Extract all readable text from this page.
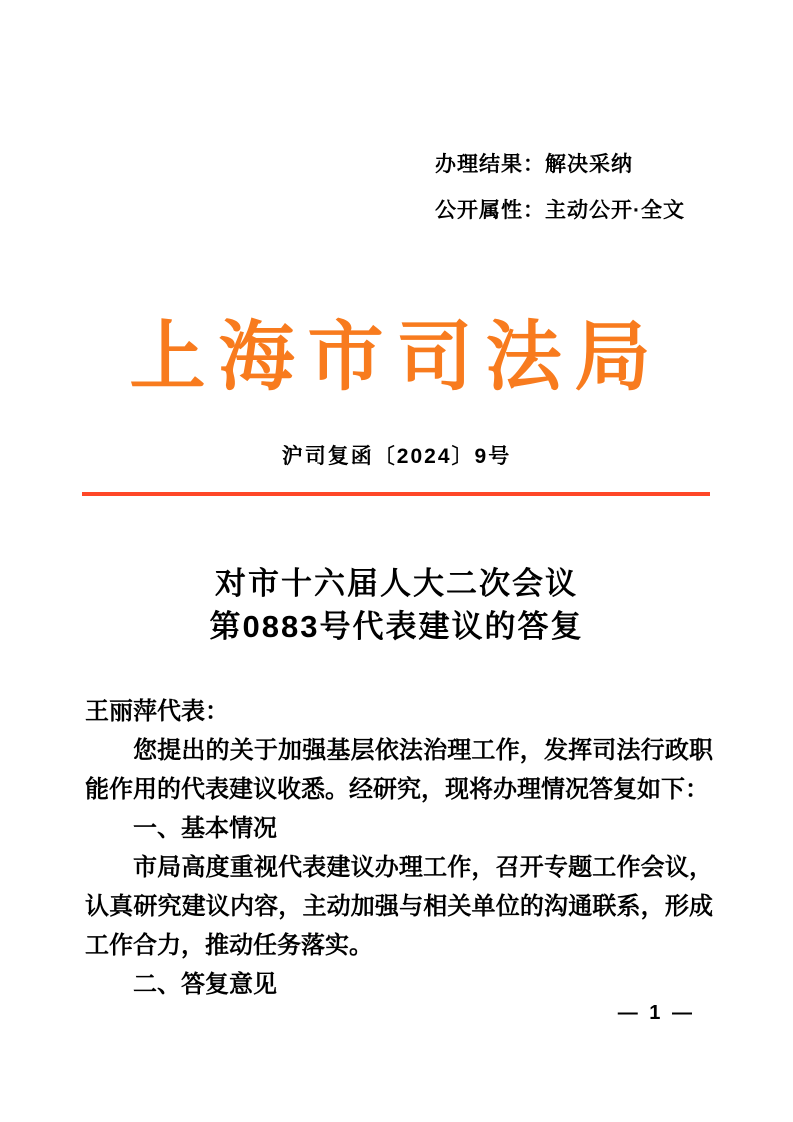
办理结果：解决采纳
公开属性：主动公开·全文
上海市司法局
沪司复函〔2024〕9号
对市十六届人大二次会议
第0883号代表建议的答复

王丽萍代表：

您提出的关于加强基层依法治理工作，发挥司法行政职能作用的代表建议收悉。经研究，现将办理情况答复如下：

一、基本情况

市局高度重视代表建议办理工作，召开专题工作会议，认真研究建议内容，主动加强与相关单位的沟通联系，形成工作合力，推动任务落实。

二、答复意见

— 1 —
